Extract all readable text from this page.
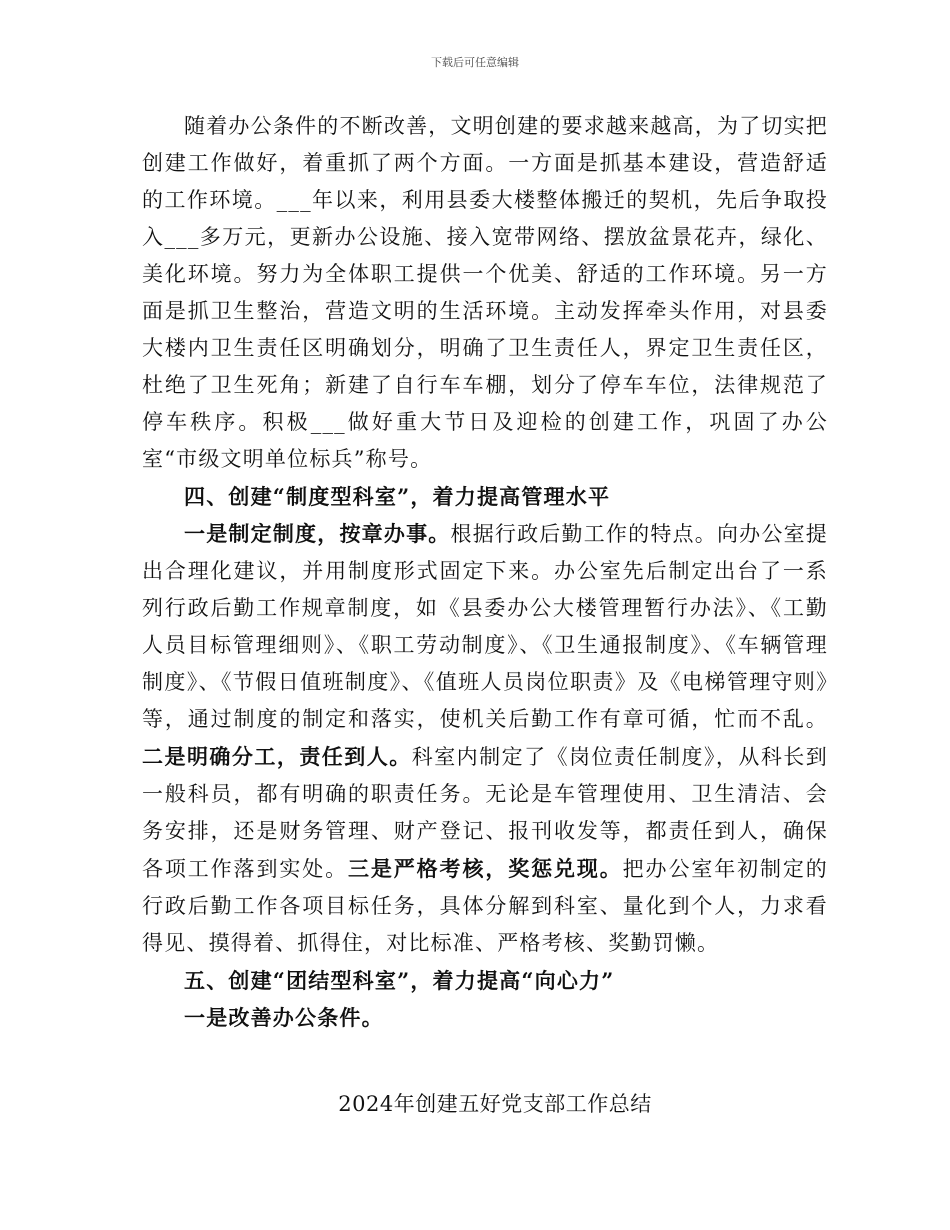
下载后可任意编辑

随着办公条件的不断改善，文明创建的要求越来越高，为了切实把创建工作做好，着重抓了两个方面。一方面是抓基本建设，营造舒适的工作环境。___年以来，利用县委大楼整体搬迁的契机，先后争取投入___多万元，更新办公设施、接入宽带网络、摆放盆景花卉，绿化、美化环境。努力为全体职工提供一个优美、舒适的工作环境。另一方面是抓卫生整治，营造文明的生活环境。主动发挥牵头作用，对县委大楼内卫生责任区明确划分，明确了卫生责任人，界定卫生责任区，杜绝了卫生死角；新建了自行车车棚，划分了停车车位，法律规范了停车秩序。积极___做好重大节日及迎检的创建工作，巩固了办公室“市级文明单位标兵”称号。

四、创建“制度型科室”，着力提高管理水平

一是制定制度，按章办事。根据行政后勤工作的特点。向办公室提出合理化建议，并用制度形式固定下来。办公室先后制定出台了一系列行政后勤工作规章制度，如《县委办公大楼管理暂行办法》、《工勤人员目标管理细则》、《职工劳动制度》、《卫生通报制度》、《车辆管理制度》、《节假日值班制度》、《值班人员岗位职责》及《电梯管理守则》等，通过制度的制定和落实，使机关后勤工作有章可循，忙而不乱。二是明确分工，责任到人。科室内制定了《岗位责任制度》，从科长到一般科员，都有明确的职责任务。无论是车管理使用、卫生清洁、会务安排，还是财务管理、财产登记、报刊收发等，都责任到人，确保各项工作落到实处。三是严格考核，奖惩兑现。把办公室年初制定的行政后勤工作各项目标任务，具体分解到科室、量化到个人，力求看得见、摸得着、抓得住，对比标准、严格考核、奖勤罚懒。

五、创建“团结型科室”，着力提高“向心力”

一是改善办公条件。

2024年创建五好党支部工作总结
